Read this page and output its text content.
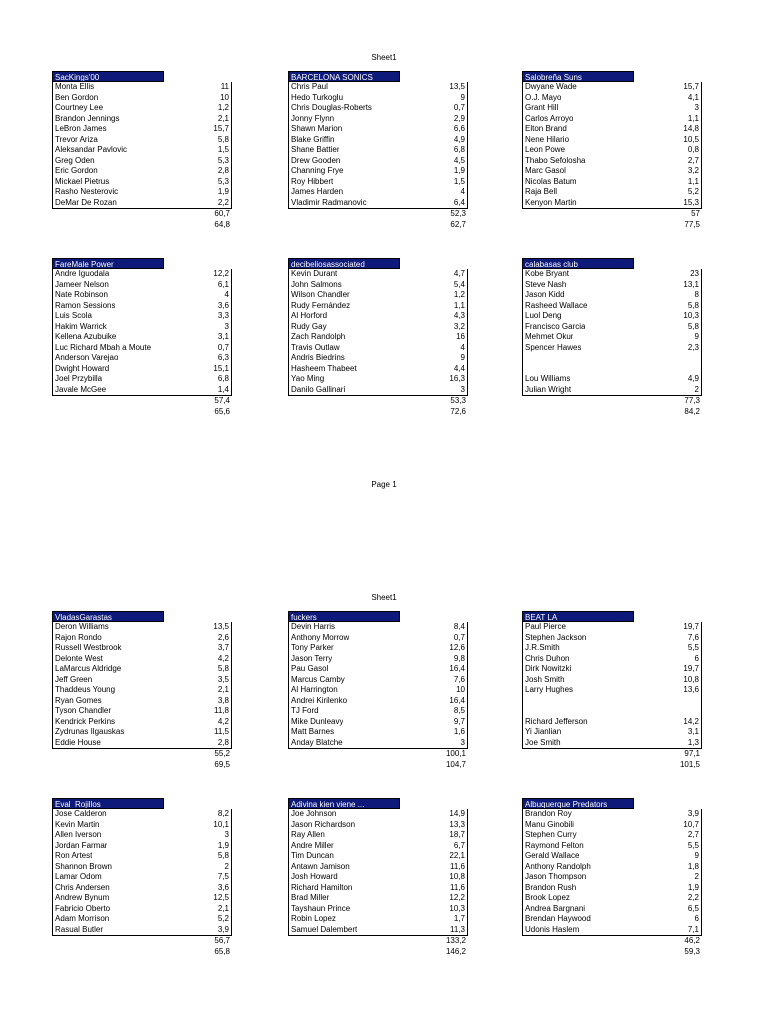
Sheet1
Page 1
SacKings'00
Monta Ellis	11
Ben Gordon	10
Courtney Lee	1,2
Brandon Jennings	2,1
LeBron James	15,7
Trevor Ariza	5,8
Aleksandar Pavlovic	1,5
Greg Oden	5,3
Eric Gordon	2,8
Mickael Pietrus	5,3
Rasho Nesterovic	1,9
DeMar De Rozan	2,2
60,7
64,8
BARCELONA SONICS
Chris Paul	13,5
Hedo Turkoglu	9
Chris Douglas-Roberts	0,7
Jonny Flynn	2,9
Shawn Marion	6,6
Blake Griffin	4,9
Shane Battier	6,8
Drew Gooden	4,5
Channing Frye	1,9
Roy Hibbert	1,5
James Harden	4
Vladimir Radmanovic	6,4
52,3
62,7
Salobreña Suns
Dwyane Wade	15,7
O.J. Mayo	4,1
Grant Hill	3
Carlos Arroyo	1,1
Elton Brand	14,8
Nene Hilario	10,5
Leon Powe	0,8
Thabo Sefolosha	2,7
Marc Gasol	3,2
Nicolas Batum	1,1
Raja Bell	5,2
Kenyon Martin	15,3
57
77,5
FareMale Power
Andre Iguodala	12,2
Jameer Nelson	6,1
Nate Robinson	4
Ramon Sessions	3,6
Luis Scola	3,3
Hakim Warrick	3
Kellena Azubuike	3,1
Luc Richard Mbah a Moute	0,7
Anderson Varejao	6,3
Dwight Howard	15,1
Joel Przybilla	6,8
Javale McGee	1,4
57,4
65,6
decibeliosassociated
Kevin Durant	4,7
John Salmons	5,4
Wilson Chandler	1,2
Rudy Fernández	1,1
Al Horford	4,3
Rudy Gay	3,2
Zach Randolph	16
Travis Outlaw	4
Andris Biedrins	9
Hasheem Thabeet	4,4
Yao Ming	16,3
Danilo Gallinari	3
53,3
72,6
calabasas club
Kobe Bryant	23
Steve Nash	13,1
Jason Kidd	8
Rasheed Wallace	5,8
Luol Deng	10,3
Francisco Garcia	5,8
Mehmet Okur	9
Spencer Hawes	2,3
Lou Williams	4,9
Julian Wright	2
77,3
84,2
Sheet1
VladasGarastas
Deron Williams	13,5
Rajon Rondo	2,6
Russell Westbrook	3,7
Delonte West	4,2
LaMarcus Aldridge	5,8
Jeff Green	3,5
Thaddeus Young	2,1
Ryan Gomes	3,8
Tyson Chandler	11,8
Kendrick Perkins	4,2
Zydrunas Ilgauskas	11,5
Eddie House	2,8
55,2
69,5
fuckers
Devin Harris	8,4
Anthony Morrow	0,7
Tony Parker	12,6
Jason Terry	9,8
Pau Gasol	16,4
Marcus Camby	7,6
Al Harrington	10
Andrei Kirilenko	16,4
TJ Ford	8,5
Mike Dunleavy	9,7
Matt Barnes	1,6
Anday Blatche	3
100,1
104,7
BEAT LA
Paul Pierce	19,7
Stephen Jackson	7,6
J.R.Smith	5,5
Chris Duhon	6
Dirk Nowitzki	19,7
Josh Smith	10,8
Larry Hughes	13,6
Richard Jefferson	14,2
Yi Jianlian	3,1
Joe Smith	1,3
97,1
101,5
Eval_Rojillos
Jose Calderon	8,2
Kevin Martin	10,1
Allen Iverson	3
Jordan Farmar	1,9
Ron Artest	5,8
Shannon Brown	2
Lamar Odom	7,5
Chris Andersen	3,6
Andrew Bynum	12,5
Fabricio Oberto	2,1
Adam Morrison	5,2
Rasual Butler	3,9
56,7
65,8
Adivina kien viene ...
Joe Johnson	14,9
Jason Richardson	13,3
Ray Allen	18,7
Andre Miller	6,7
Tim Duncan	22,1
Antawn Jamison	11,6
Josh Howard	10,8
Richard Hamilton	11,6
Brad Miller	12,2
Tayshaun Prince	10,3
Robin Lopez	1,7
Samuel Dalembert	11,3
133,2
146,2
Albuquerque Predators
Brandon Roy	3,9
Manu Ginobili	10,7
Stephen Curry	2,7
Raymond Felton	5,5
Gerald Wallace	9
Anthony Randolph	1,8
Jason Thompson	2
Brandon Rush	1,9
Brook Lopez	2,2
Andrea Bargnani	6,5
Brendan Haywood	6
Udonis Haslem	7,1
46,2
59,3
